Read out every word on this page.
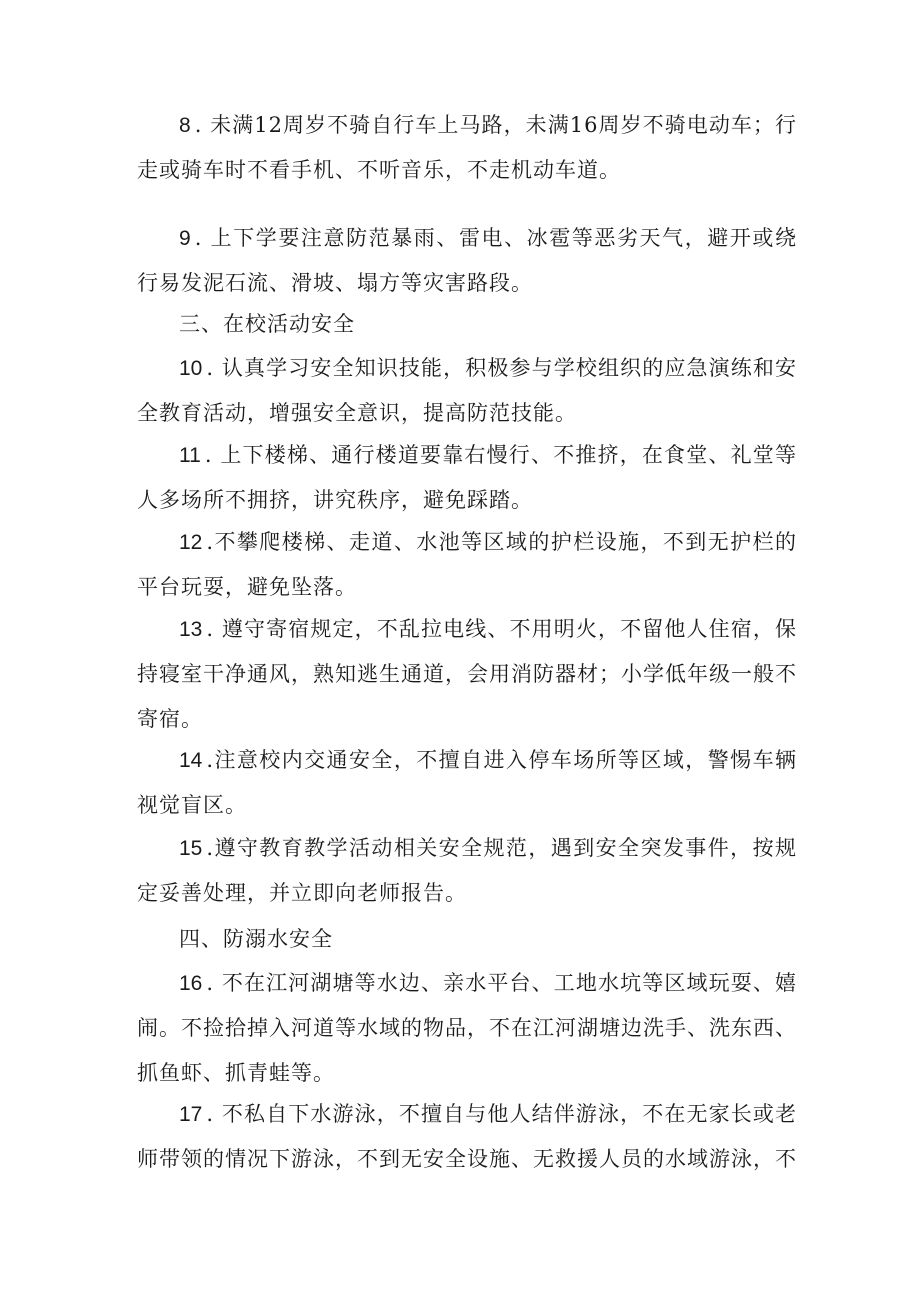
8 . 未满12周岁不骑自行车上马路，未满16周岁不骑电动车；行走或骑车时不看手机、不听音乐，不走机动车道。

9 . 上下学要注意防范暴雨、雷电、冰雹等恶劣天气，避开或绕行易发泥石流、滑坡、塌方等灾害路段。

三、在校活动安全

10 . 认真学习安全知识技能，积极参与学校组织的应急演练和安全教育活动，增强安全意识，提高防范技能。

11 . 上下楼梯、通行楼道要靠右慢行、不推挤，在食堂、礼堂等人多场所不拥挤，讲究秩序，避免踩踏。

12 .不攀爬楼梯、走道、水池等区域的护栏设施，不到无护栏的平台玩耍，避免坠落。

13 . 遵守寄宿规定，不乱拉电线、不用明火，不留他人住宿，保持寝室干净通风，熟知逃生通道，会用消防器材；小学低年级一般不寄宿。

14 .注意校内交通安全，不擅自进入停车场所等区域，警惕车辆视觉盲区。

15 .遵守教育教学活动相关安全规范，遇到安全突发事件，按规定妥善处理，并立即向老师报告。

四、防溺水安全

16 . 不在江河湖塘等水边、亲水平台、工地水坑等区域玩耍、嬉闹。不捡拾掉入河道等水域的物品，不在江河湖塘边洗手、洗东西、抓鱼虾、抓青蛙等。

17 . 不私自下水游泳，不擅自与他人结伴游泳，不在无家长或老师带领的情况下游泳，不到无安全设施、无救援人员的水域游泳，不
